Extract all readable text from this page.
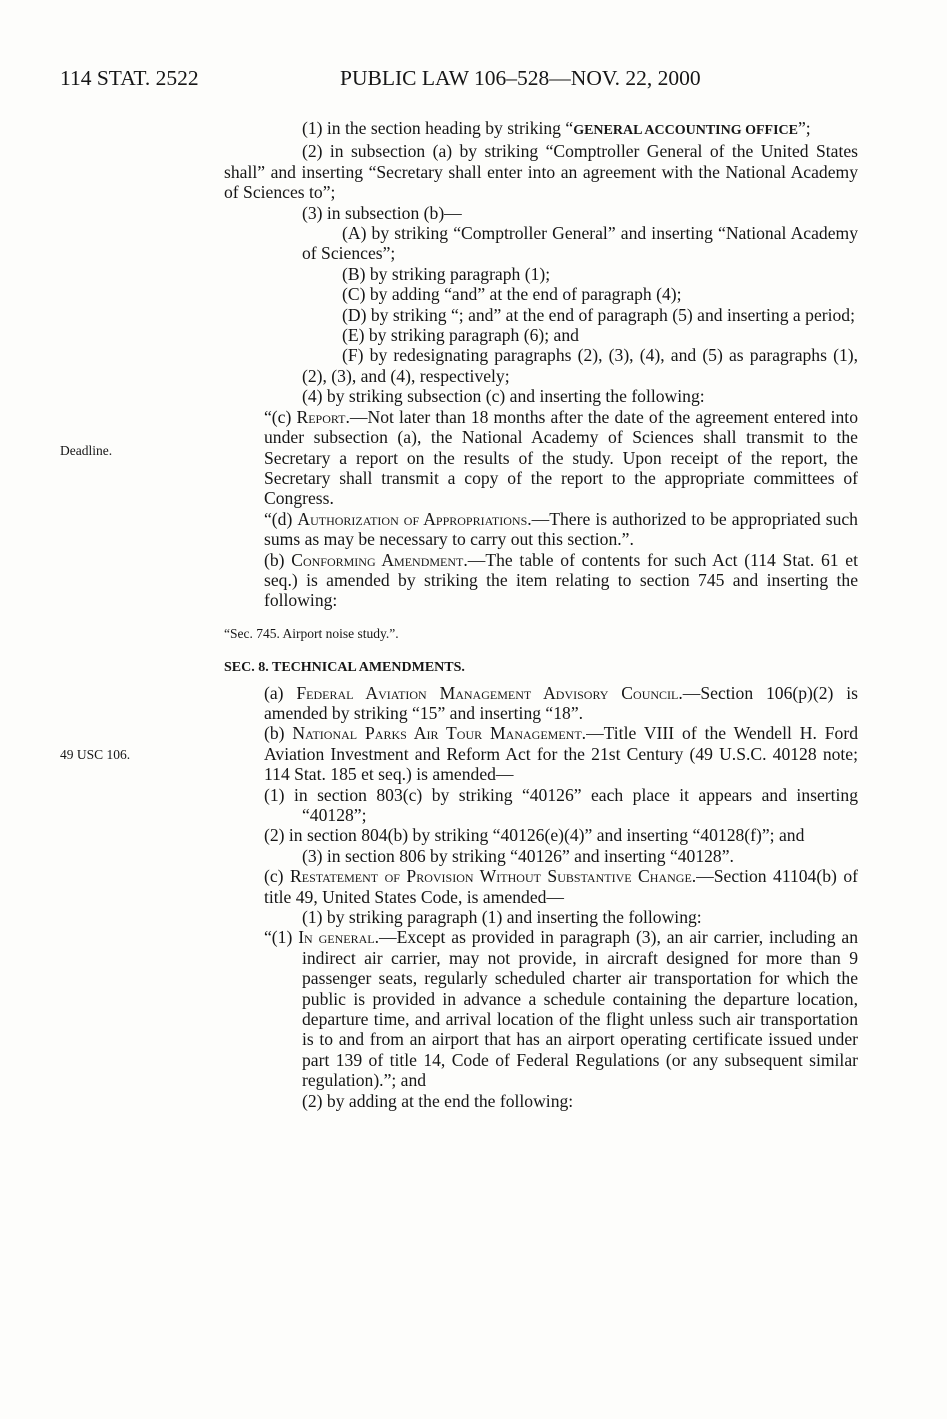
114 STAT. 2522	PUBLIC LAW 106–528—NOV. 22, 2000
Deadline.
49 USC 106.

(1) in the section heading by striking “GENERAL ACCOUNTING OFFICE”;

(2) in subsection (a) by striking “Comptroller General of the United States shall” and inserting “Secretary shall enter into an agreement with the National Academy of Sciences to”;

(3) in subsection (b)—

(A) by striking “Comptroller General” and inserting “National Academy of Sciences”;

(B) by striking paragraph (1);

(C) by adding “and” at the end of paragraph (4);

(D) by striking “; and” at the end of paragraph (5) and inserting a period;

(E) by striking paragraph (6); and

(F) by redesignating paragraphs (2), (3), (4), and (5) as paragraphs (1), (2), (3), and (4), respectively;

(4) by striking subsection (c) and inserting the following:

“(c) Report.—Not later than 18 months after the date of the agreement entered into under subsection (a), the National Academy of Sciences shall transmit to the Secretary a report on the results of the study. Upon receipt of the report, the Secretary shall transmit a copy of the report to the appropriate committees of Congress.

“(d) Authorization of Appropriations.—There is authorized to be appropriated such sums as may be necessary to carry out this section.”.

(b) Conforming Amendment.—The table of contents for such Act (114 Stat. 61 et seq.) is amended by striking the item relating to section 745 and inserting the following:

“Sec. 745. Airport noise study.”.

SEC. 8. TECHNICAL AMENDMENTS.

(a) Federal Aviation Management Advisory Council.—Section 106(p)(2) is amended by striking “15” and inserting “18”.

(b) National Parks Air Tour Management.—Title VIII of the Wendell H. Ford Aviation Investment and Reform Act for the 21st Century (49 U.S.C. 40128 note; 114 Stat. 185 et seq.) is amended—

(1) in section 803(c) by striking “40126” each place it appears and inserting “40128”;

(2) in section 804(b) by striking “40126(e)(4)” and inserting “40128(f)”; and

(3) in section 806 by striking “40126” and inserting “40128”.

(c) Restatement of Provision Without Substantive Change.—Section 41104(b) of title 49, United States Code, is amended—

(1) by striking paragraph (1) and inserting the following:

“(1) In general.—Except as provided in paragraph (3), an air carrier, including an indirect air carrier, may not provide, in aircraft designed for more than 9 passenger seats, regularly scheduled charter air transportation for which the public is provided in advance a schedule containing the departure location, departure time, and arrival location of the flight unless such air transportation is to and from an airport that has an airport operating certificate issued under part 139 of title 14, Code of Federal Regulations (or any subsequent similar regulation).”; and

(2) by adding at the end the following:
